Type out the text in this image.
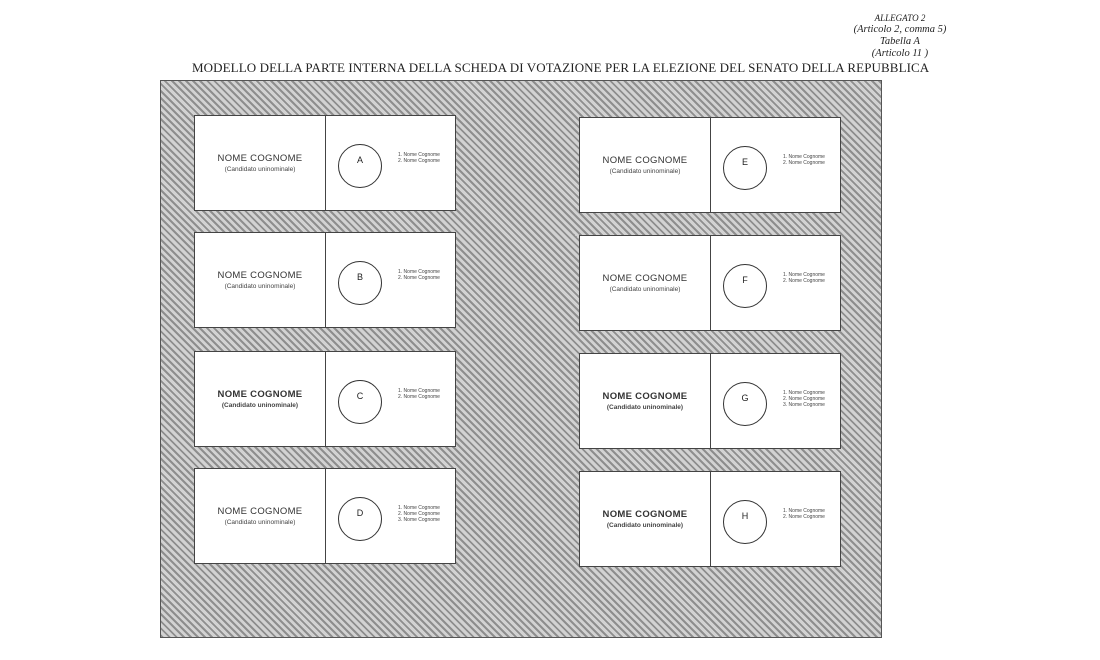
ALLEGATO 2
(Articolo 2, comma 5)
Tabella A
(Articolo 11 )
MODELLO DELLA PARTE INTERNA DELLA SCHEDA DI VOTAZIONE PER LA ELEZIONE DEL SENATO DELLA REPUBBLICA
NOME COGNOME
(Candidato uninominale)
A	1. Nome Cognome
2. Nome Cognome
NOME COGNOME
(Candidato uninominale)
B	1. Nome Cognome
2. Nome Cognome
NOME COGNOME
(Candidato uninominale)
C	1. Nome Cognome
2. Nome Cognome
NOME COGNOME
(Candidato uninominale)
D	1. Nome Cognome
2. Nome Cognome
3. Nome Cognome
NOME COGNOME
(Candidato uninominale)
E	1. Nome Cognome
2. Nome Cognome
NOME COGNOME
(Candidato uninominale)
F	1. Nome Cognome
2. Nome Cognome
NOME COGNOME
(Candidato uninominale)
G	1. Nome Cognome
2. Nome Cognome
3. Nome Cognome
NOME COGNOME
(Candidato uninominale)
H	1. Nome Cognome
2. Nome Cognome
